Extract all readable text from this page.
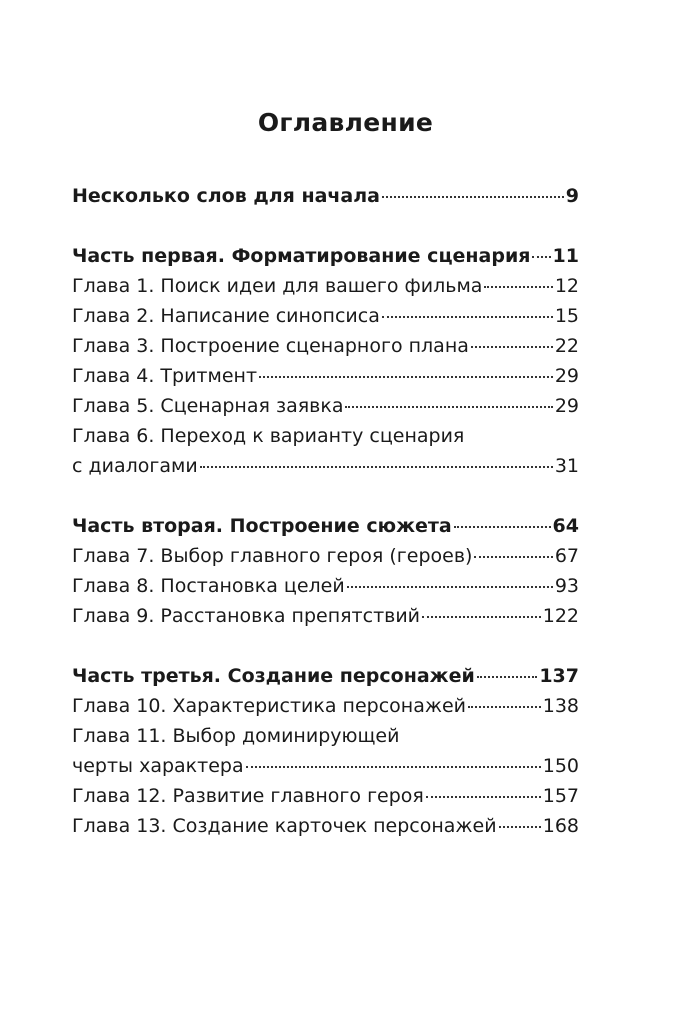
Оглавление
Несколько слов для начала	9
Часть первая. Форматирование сценария 11
Глава 1. Поиск идеи для вашего фильма	12
Глава 2. Написание синопсиса	15
Глава 3. Построение сценарного плана	22
Глава 4. Тритмент	29
Глава 5. Сценарная заявка	29
Глава 6. Переход к варианту сценария
с диалогами	31
Часть вторая. Построение сюжета	64
Глава 7. Выбор главного героя (героев)	67
Глава 8. Постановка целей	93
Глава 9. Расстановка препятствий	122
Часть третья. Создание персонажей	137
Глава 10. Характеристика персонажей	138
Глава 11. Выбор доминирующей
черты характера	150
Глава 12. Развитие главного героя	157
Глава 13. Создание карточек персонажей 168
